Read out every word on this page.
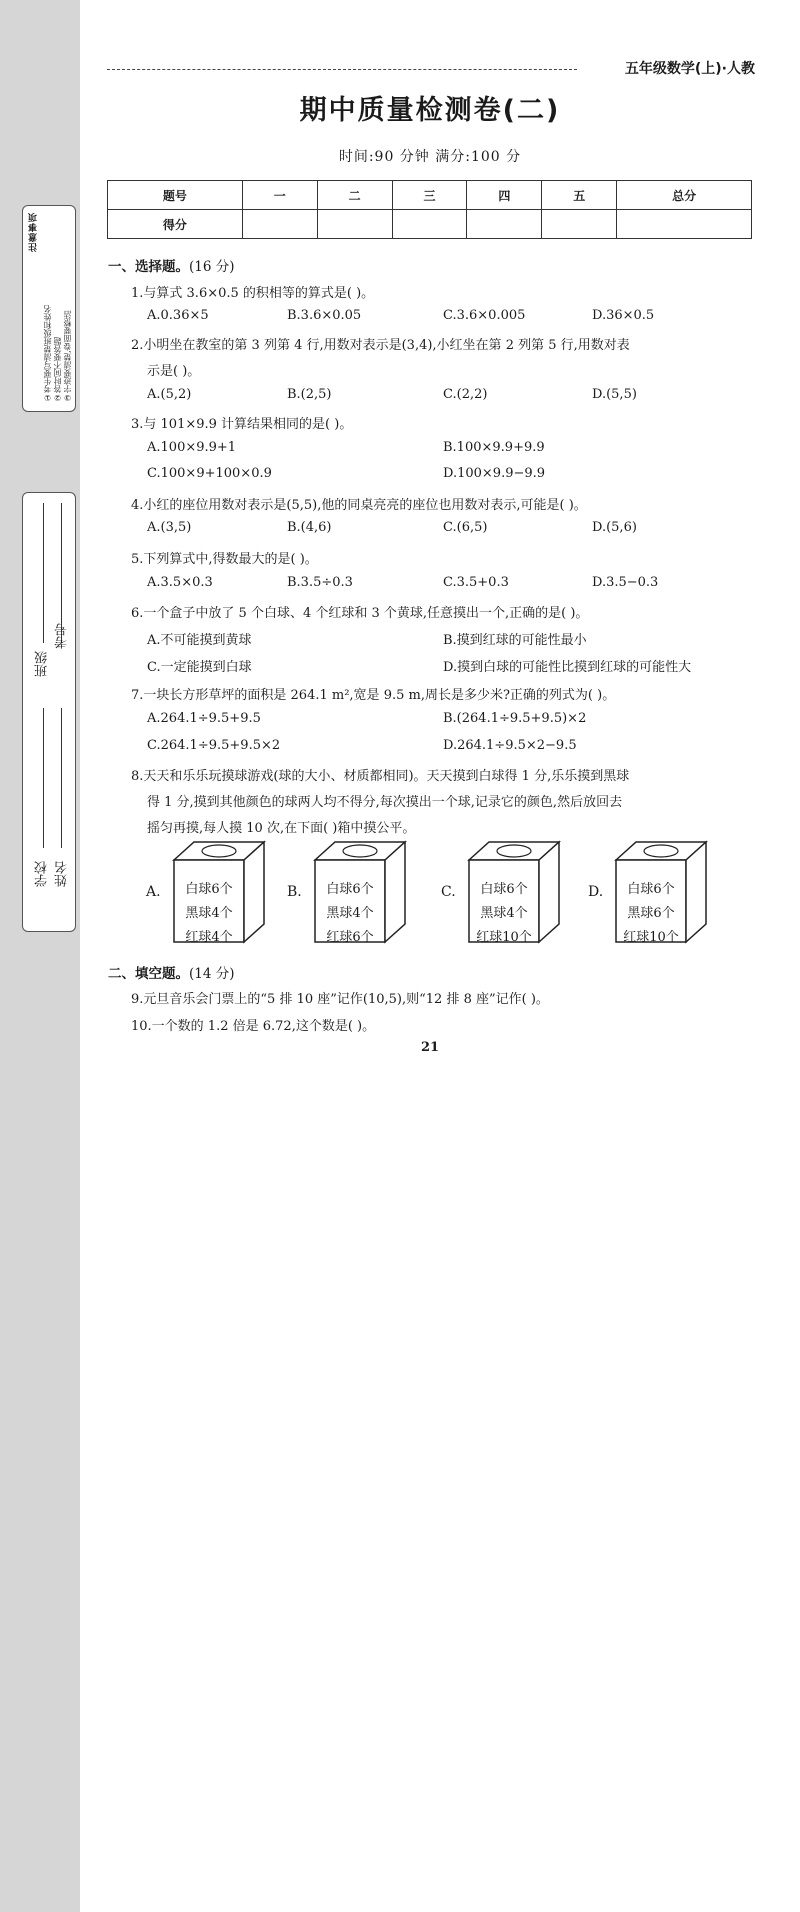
注意事项
①考生要写清楚班级和姓名 ②答时间不要答题 ③字迹要清楚,卷面要整洁
班级
考号
学校 姓名
五年级数学(上)·人教
期中质量检测卷(二)
时间:90 分钟 满分:100 分
题号	一	二	三	四	五	总分
得分						
一、选择题。(16 分)
1.与算式 3.6×0.5 的积相等的算式是( )。
A.0.36×5	B.3.6×0.05	C.3.6×0.005	D.36×0.5
2.小明坐在教室的第 3 列第 4 行,用数对表示是(3,4),小红坐在第 2 列第 5 行,用数对表
示是( )。
A.(5,2)	B.(2,5)	C.(2,2)	D.(5,5)
3.与 101×9.9 计算结果相同的是( )。
A.100×9.9+1	B.100×9.9+9.9
C.100×9+100×0.9	D.100×9.9−9.9
4.小红的座位用数对表示是(5,5),他的同桌亮亮的座位也用数对表示,可能是( )。
A.(3,5)	B.(4,6)	C.(6,5)	D.(5,6)
5.下列算式中,得数最大的是( )。
A.3.5×0.3	B.3.5÷0.3	C.3.5+0.3	D.3.5−0.3
6.一个盒子中放了 5 个白球、4 个红球和 3 个黄球,任意摸出一个,正确的是( )。
A.不可能摸到黄球	B.摸到红球的可能性最小
C.一定能摸到白球	D.摸到白球的可能性比摸到红球的可能性大
7.一块长方形草坪的面积是 264.1 m²,宽是 9.5 m,周长是多少米?正确的列式为( )。
A.264.1÷9.5+9.5	B.(264.1÷9.5+9.5)×2
C.264.1÷9.5+9.5×2	D.264.1÷9.5×2−9.5
8.天天和乐乐玩摸球游戏(球的大小、材质都相同)。天天摸到白球得 1 分,乐乐摸到黑球
得 1 分,摸到其他颜色的球两人均不得分,每次摸出一个球,记录它的颜色,然后放回去
摇匀再摸,每人摸 10 次,在下面( )箱中摸公平。
A.	白球6个
黑球4个
红球4个
B.	白球6个
黑球4个
红球6个
C.	白球6个
黑球4个
红球10个
D.	白球6个
黑球6个
红球10个
二、填空题。(14 分)
9.元旦音乐会门票上的“5 排 10 座”记作(10,5),则“12 排 8 座”记作( )。
10.一个数的 1.2 倍是 6.72,这个数是( )。
21
